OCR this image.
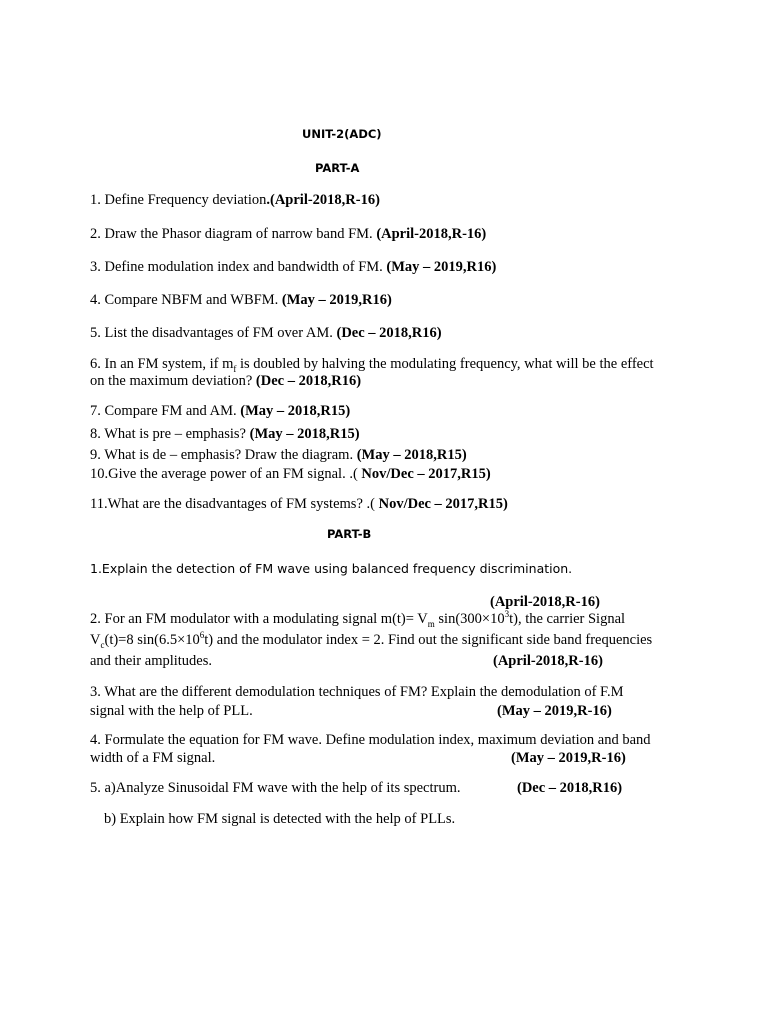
UNIT-2(ADC)
PART-A
1. Define Frequency deviation.(April-2018,R-16)
2. Draw the Phasor diagram of narrow band FM. (April-2018,R-16)
3. Define modulation index and bandwidth of FM. (May – 2019,R16)
4. Compare NBFM and WBFM. (May – 2019,R16)
5. List the disadvantages of FM over AM. (Dec – 2018,R16)
6. In an FM system, if $m_f$ is doubled by halving the modulating frequency, what will be the effect
on the maximum deviation? (Dec – 2018,R16)
7. Compare FM and AM. (May – 2018,R15)
8. What is pre – emphasis? (May – 2018,R15)
9. What is de – emphasis? Draw the diagram. (May – 2018,R15)
10.Give the average power of an FM signal. .( Nov/Dec – 2017,R15)
11.What are the disadvantages of FM systems? .( Nov/Dec – 2017,R15)
PART-B
1.Explain the detection of FM wave using balanced frequency discrimination.
(April-2018,R-16)
2. For an FM modulator with a modulating signal $m(t)= V_m$ $\sin(300\times 10^3t)$, the carrier Signal
$V_c(t)=8$ $\sin(6.5\times 10^6t)$ and the modulator index = 2. Find out the significant side band frequencies
and their amplitudes.	(April-2018,R-16)
3. What are the different demodulation techniques of FM? Explain the demodulation of F.M
signal with the help of PLL.	(May – 2019,R-16)
4. Formulate the equation for FM wave. Define modulation index, maximum deviation and band
width of a FM signal.	(May – 2019,R-16)
5. a)Analyze Sinusoidal FM wave with the help of its spectrum.	(Dec – 2018,R16)
b) Explain how FM signal is detected with the help of PLLs.
